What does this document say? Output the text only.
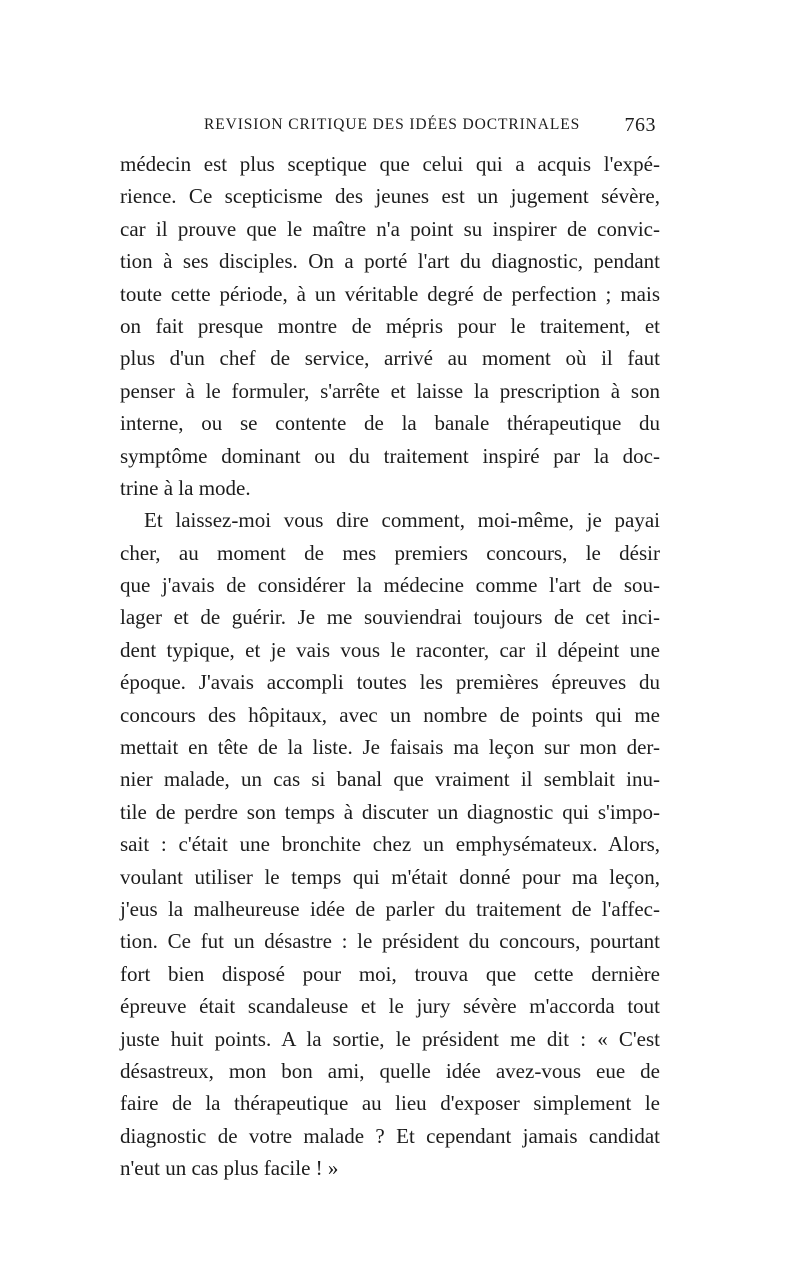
REVISION CRITIQUE DES IDÉES DOCTRINALES 763
médecin est plus sceptique que celui qui a acquis l'expé-
rience. Ce scepticisme des jeunes est un jugement sévère,
car il prouve que le maître n'a point su inspirer de convic-
tion à ses disciples. On a porté l'art du diagnostic, pendant
toute cette période, à un véritable degré de perfection ; mais
on fait presque montre de mépris pour le traitement, et
plus d'un chef de service, arrivé au moment où il faut
penser à le formuler, s'arrête et laisse la prescription à son
interne, ou se contente de la banale thérapeutique du
symptôme dominant ou du traitement inspiré par la doc-
trine à la mode.
Et laissez-moi vous dire comment, moi-même, je payai
cher, au moment de mes premiers concours, le désir
que j'avais de considérer la médecine comme l'art de sou-
lager et de guérir. Je me souviendrai toujours de cet inci-
dent typique, et je vais vous le raconter, car il dépeint une
époque. J'avais accompli toutes les premières épreuves du
concours des hôpitaux, avec un nombre de points qui me
mettait en tête de la liste. Je faisais ma leçon sur mon der-
nier malade, un cas si banal que vraiment il semblait inu-
tile de perdre son temps à discuter un diagnostic qui s'impo-
sait : c'était une bronchite chez un emphysémateux. Alors,
voulant utiliser le temps qui m'était donné pour ma leçon,
j'eus la malheureuse idée de parler du traitement de l'affec-
tion. Ce fut un désastre : le président du concours, pourtant
fort bien disposé pour moi, trouva que cette dernière
épreuve était scandaleuse et le jury sévère m'accorda tout
juste huit points. A la sortie, le président me dit : « C'est
désastreux, mon bon ami, quelle idée avez-vous eue de
faire de la thérapeutique au lieu d'exposer simplement le
diagnostic de votre malade ? Et cependant jamais candidat
n'eut un cas plus facile ! »
